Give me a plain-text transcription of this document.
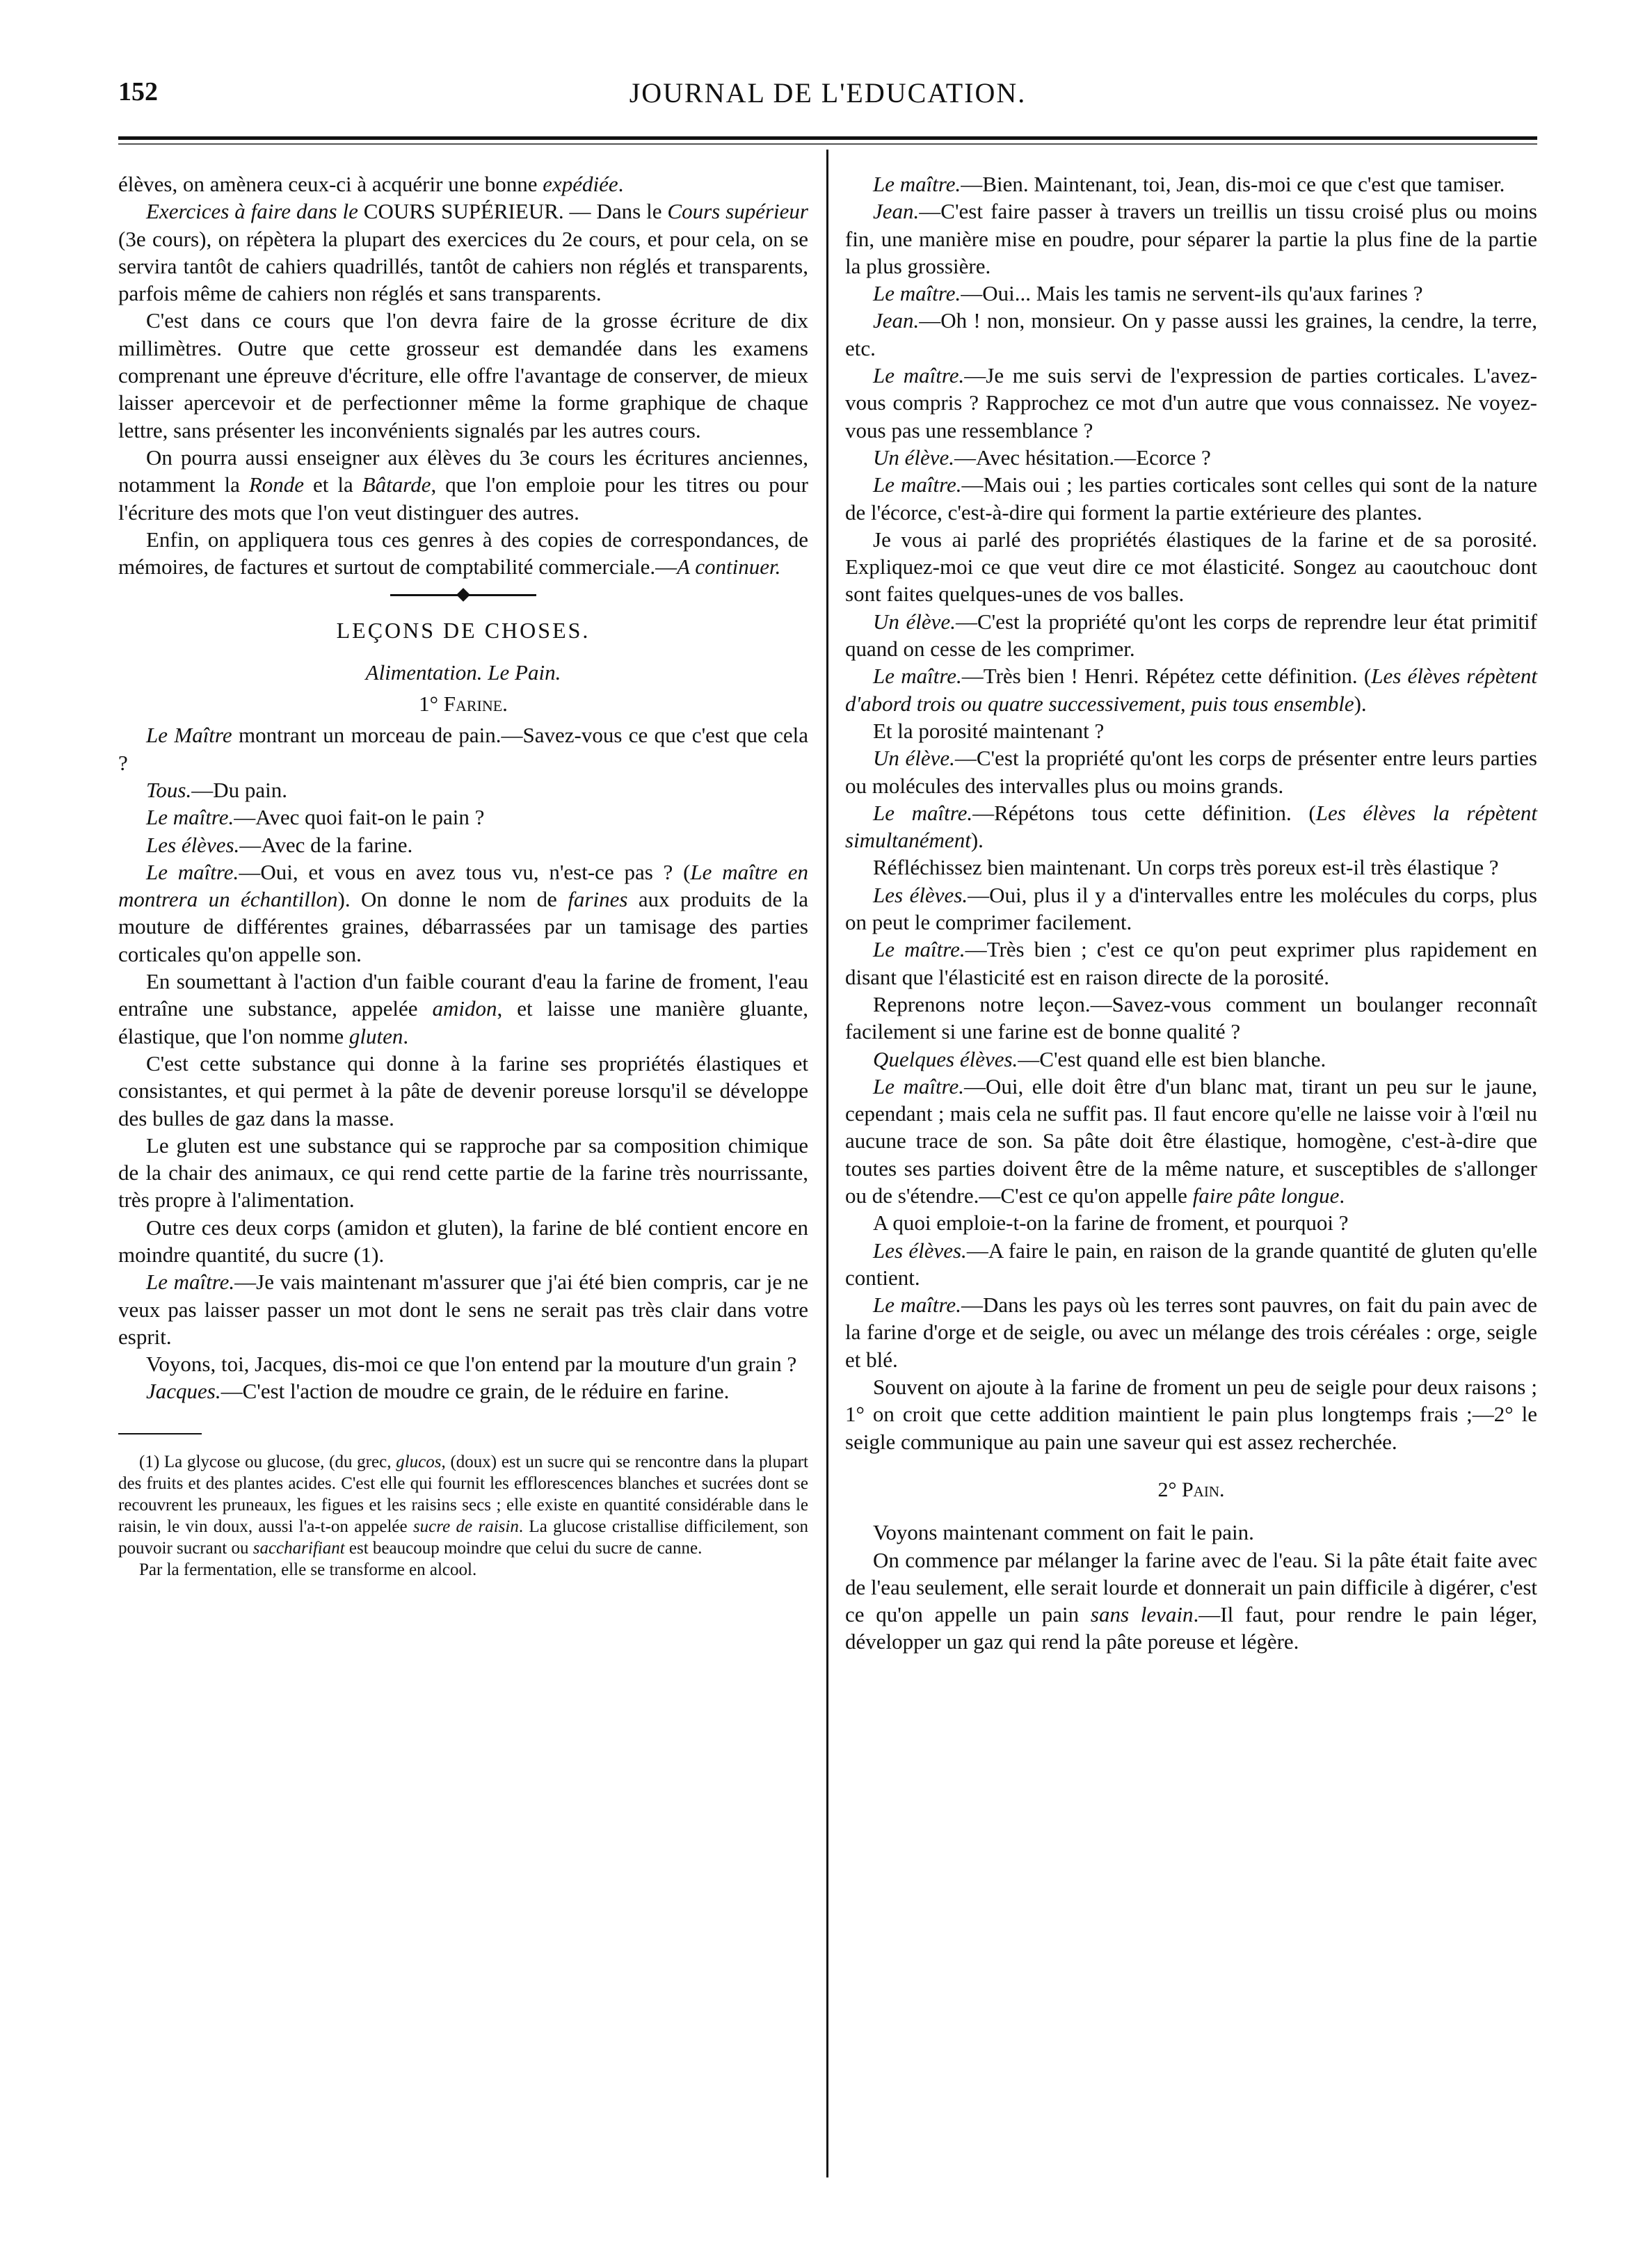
JOURNAL DE L'EDUCATION.
152

élèves, on amènera ceux-ci à acquérir une bonne expédiée.

Exercices à faire dans le COURS SUPÉRIEUR. — Dans le Cours supérieur (3e cours), on répètera la plupart des exercices du 2e cours, et pour cela, on se servira tantôt de cahiers quadrillés, tantôt de cahiers non réglés et transparents, parfois même de cahiers non réglés et sans transparents.

C'est dans ce cours que l'on devra faire de la grosse écriture de dix millimètres. Outre que cette grosseur est demandée dans les examens comprenant une épreuve d'écriture, elle offre l'avantage de conserver, de mieux laisser apercevoir et de perfectionner même la forme graphique de chaque lettre, sans présenter les inconvénients signalés par les autres cours.

On pourra aussi enseigner aux élèves du 3e cours les écritures anciennes, notamment la Ronde et la Bâtarde, que l'on emploie pour les titres ou pour l'écriture des mots que l'on veut distinguer des autres.

Enfin, on appliquera tous ces genres à des copies de correspondances, de mémoires, de factures et surtout de comptabilité commerciale.—A continuer.

LEÇONS DE CHOSES.
Alimentation. Le Pain.
1° Farine.

Le Maître montrant un morceau de pain.—Savez-vous ce que c'est que cela ?

Tous.—Du pain.

Le maître.—Avec quoi fait-on le pain ?

Les élèves.—Avec de la farine.

Le maître.—Oui, et vous en avez tous vu, n'est-ce pas ? (Le maître en montrera un échantillon). On donne le nom de farines aux produits de la mouture de différentes graines, débarrassées par un tamisage des parties corticales qu'on appelle son.

En soumettant à l'action d'un faible courant d'eau la farine de froment, l'eau entraîne une substance, appelée amidon, et laisse une manière gluante, élastique, que l'on nomme gluten.

C'est cette substance qui donne à la farine ses propriétés élastiques et consistantes, et qui permet à la pâte de devenir poreuse lorsqu'il se développe des bulles de gaz dans la masse.

Le gluten est une substance qui se rapproche par sa composition chimique de la chair des animaux, ce qui rend cette partie de la farine très nourrissante, très propre à l'alimentation.

Outre ces deux corps (amidon et gluten), la farine de blé contient encore en moindre quantité, du sucre (1).

Le maître.—Je vais maintenant m'assurer que j'ai été bien compris, car je ne veux pas laisser passer un mot dont le sens ne serait pas très clair dans votre esprit.

Voyons, toi, Jacques, dis-moi ce que l'on entend par la mouture d'un grain ?

Jacques.—C'est l'action de moudre ce grain, de le réduire en farine.

(1) La glycose ou glucose, (du grec, glucos, (doux) est un sucre qui se rencontre dans la plupart des fruits et des plantes acides. C'est elle qui fournit les efflorescences blanches et sucrées dont se recouvrent les pruneaux, les figues et les raisins secs ; elle existe en quantité considérable dans le raisin, le vin doux, aussi l'a-t-on appelée sucre de raisin. La glucose cristallise difficilement, son pouvoir sucrant ou saccharifiant est beaucoup moindre que celui du sucre de canne.

Par la fermentation, elle se transforme en alcool.

Le maître.—Bien. Maintenant, toi, Jean, dis-moi ce que c'est que tamiser.

Jean.—C'est faire passer à travers un treillis un tissu croisé plus ou moins fin, une manière mise en poudre, pour séparer la partie la plus fine de la partie la plus grossière.

Le maître.—Oui... Mais les tamis ne servent-ils qu'aux farines ?

Jean.—Oh ! non, monsieur. On y passe aussi les graines, la cendre, la terre, etc.

Le maître.—Je me suis servi de l'expression de parties corticales. L'avez-vous compris ? Rapprochez ce mot d'un autre que vous connaissez. Ne voyez-vous pas une ressemblance ?

Un élève.—Avec hésitation.—Ecorce ?

Le maître.—Mais oui ; les parties corticales sont celles qui sont de la nature de l'écorce, c'est-à-dire qui forment la partie extérieure des plantes.

Je vous ai parlé des propriétés élastiques de la farine et de sa porosité. Expliquez-moi ce que veut dire ce mot élasticité. Songez au caoutchouc dont sont faites quelques-unes de vos balles.

Un élève.—C'est la propriété qu'ont les corps de reprendre leur état primitif quand on cesse de les comprimer.

Le maître.—Très bien ! Henri. Répétez cette définition. (Les élèves répètent d'abord trois ou quatre successivement, puis tous ensemble).

Et la porosité maintenant ?

Un élève.—C'est la propriété qu'ont les corps de présenter entre leurs parties ou molécules des intervalles plus ou moins grands.

Le maître.—Répétons tous cette définition. (Les élèves la répètent simultanément).

Réfléchissez bien maintenant. Un corps très poreux est-il très élastique ?

Les élèves.—Oui, plus il y a d'intervalles entre les molécules du corps, plus on peut le comprimer facilement.

Le maître.—Très bien ; c'est ce qu'on peut exprimer plus rapidement en disant que l'élasticité est en raison directe de la porosité.

Reprenons notre leçon.—Savez-vous comment un boulanger reconnaît facilement si une farine est de bonne qualité ?

Quelques élèves.—C'est quand elle est bien blanche.

Le maître.—Oui, elle doit être d'un blanc mat, tirant un peu sur le jaune, cependant ; mais cela ne suffit pas. Il faut encore qu'elle ne laisse voir à l'œil nu aucune trace de son. Sa pâte doit être élastique, homogène, c'est-à-dire que toutes ses parties doivent être de la même nature, et susceptibles de s'allonger ou de s'étendre.—C'est ce qu'on appelle faire pâte longue.

A quoi emploie-t-on la farine de froment, et pourquoi ?

Les élèves.—A faire le pain, en raison de la grande quantité de gluten qu'elle contient.

Le maître.—Dans les pays où les terres sont pauvres, on fait du pain avec de la farine d'orge et de seigle, ou avec un mélange des trois céréales : orge, seigle et blé.

Souvent on ajoute à la farine de froment un peu de seigle pour deux raisons ; 1° on croit que cette addition maintient le pain plus longtemps frais ;—2° le seigle communique au pain une saveur qui est assez recherchée.

2° Pain.

Voyons maintenant comment on fait le pain.

On commence par mélanger la farine avec de l'eau. Si la pâte était faite avec de l'eau seulement, elle serait lourde et donnerait un pain difficile à digérer, c'est ce qu'on appelle un pain sans levain.—Il faut, pour rendre le pain léger, développer un gaz qui rend la pâte poreuse et légère.
